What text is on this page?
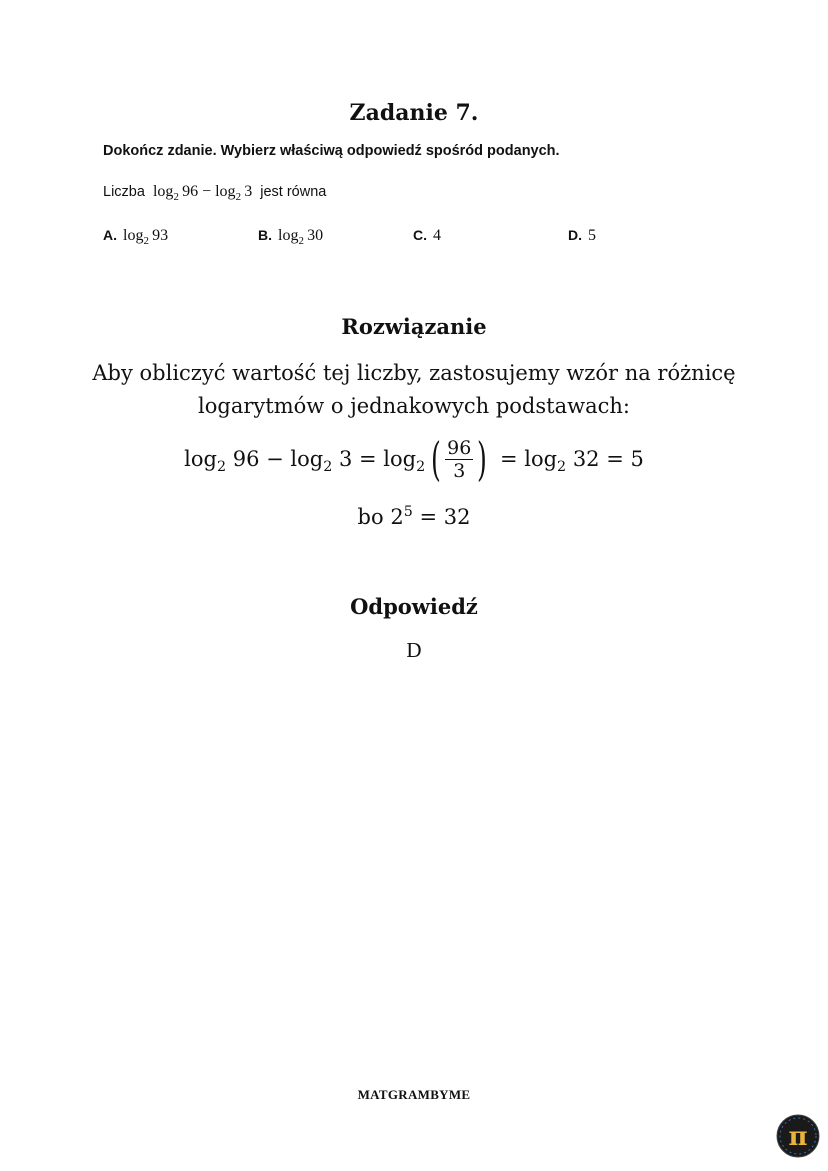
Zadanie 7.
Dokończ zdanie. Wybierz właściwą odpowiedź spośród podanych.
Liczba $\log_2 96 - \log_2 3$ jest równa
A. $\log_2 93$	B. $\log_2 30$	C. 4	D. 5
Rozwiązanie
Aby obliczyć wartość tej liczby, zastosujemy wzór na różnicę logarytmów o jednakowych podstawach:
$\log_2 96 - \log_2 3 = \log_2$ ( $\frac{96}{3}$ ) = $\log_2 32 = 5$
bo $2^5 = 32$
Odpowiedź
D
MATGRAMBYME
π
